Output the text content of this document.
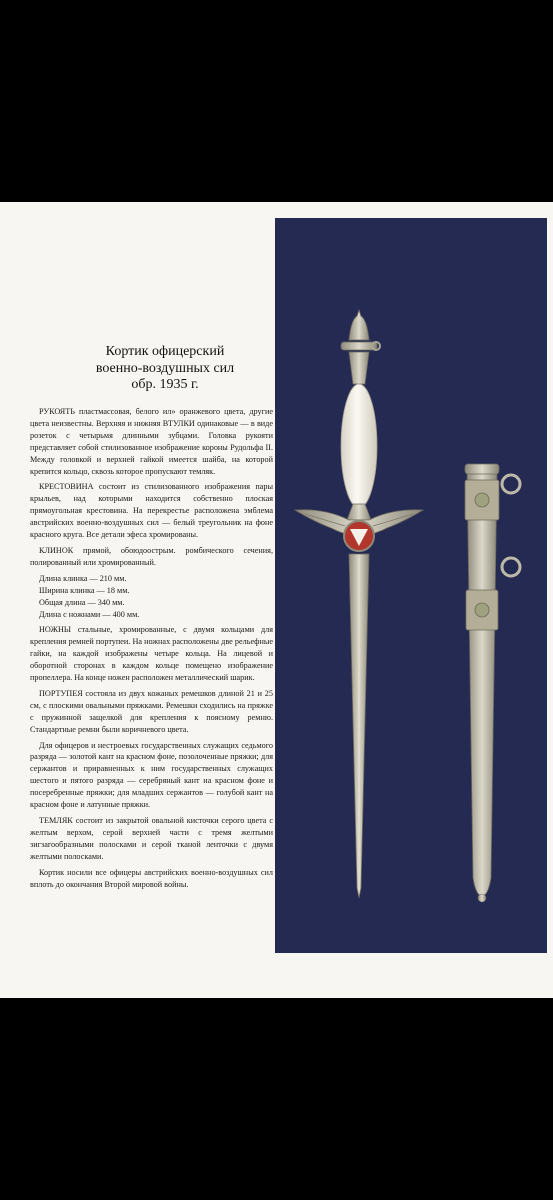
Кортик офицерский
военно-воздушных сил
обр. 1935 г.

РУКОЯТЬ пластмассовая, белого ил» оранжевого цвета, другие цвета неизвестны. Верхняя и нижняя ВТУЛКИ одинаковые — в виде розеток с четырьмя длинными зубцами. Головка рукояти представляет собой стилизованное изображение короны Рудольфа II. Между головкой и верхней гайкой имеется шайба, на которой крепится кольцо, сквозь которое пропускают темляк.

КРЕСТОВИНА состоит из стилизованного изображения пары крыльев, над которыми находится собственно плоская прямоугольная крестовина. На перекрестье расположена эмблема австрийских военно-воздушных сил — белый треугольник на фоне красного круга. Все детали эфеса хромированы.

КЛИНОК прямой, обоюдоострым. ромбического сечения, полированный или хромированный.

Длина клинка — 210 мм.

Ширина клинка — 18 мм.

Общая длина — 340 мм.

Длина с ножнами — 400 мм.

НОЖНЫ стальные, хромированные, с двумя кольцами для крепления ремней портупеи. На ножнах расположены две рельефные гайки, на каждой изображены четыре кольца. На лицевой и оборотной сторонах в каждом кольце помещено изображение пропеллера. На конце ножен расположен металлический шарик.

ПОРТУПЕЯ состояла из двух кожаных ремешков длиной 21 и 25 см, с плоскими овальными пряжками. Ремешки сходились на пряжке с пружинной защелкой для крепления к поясному ремню. Стандартные ремни были коричневого цвета.

Для офицеров и нестроевых государственных служащих седьмого разряда — золотой кант на красном фоне, позолоченные пряжки; для сержантов и приравненных к ним государственных служащих шестого и пятого разряда — серебряный кант на красном фоне и посеребренные пряжки; для младших сержантов — голубой кант на красном фоне и латунные пряжки.

ТЕМЛЯК состоит из закрытой овальной кисточки серого цвета с желтым верхом, серой верхней части с тремя желтыми зигзагообразными полосками и серой тканой ленточки с двумя желтыми полосками.

Кортик носили все офицеры австрийских военно-воздушных сил вплоть до окончания Второй мировой войны.
